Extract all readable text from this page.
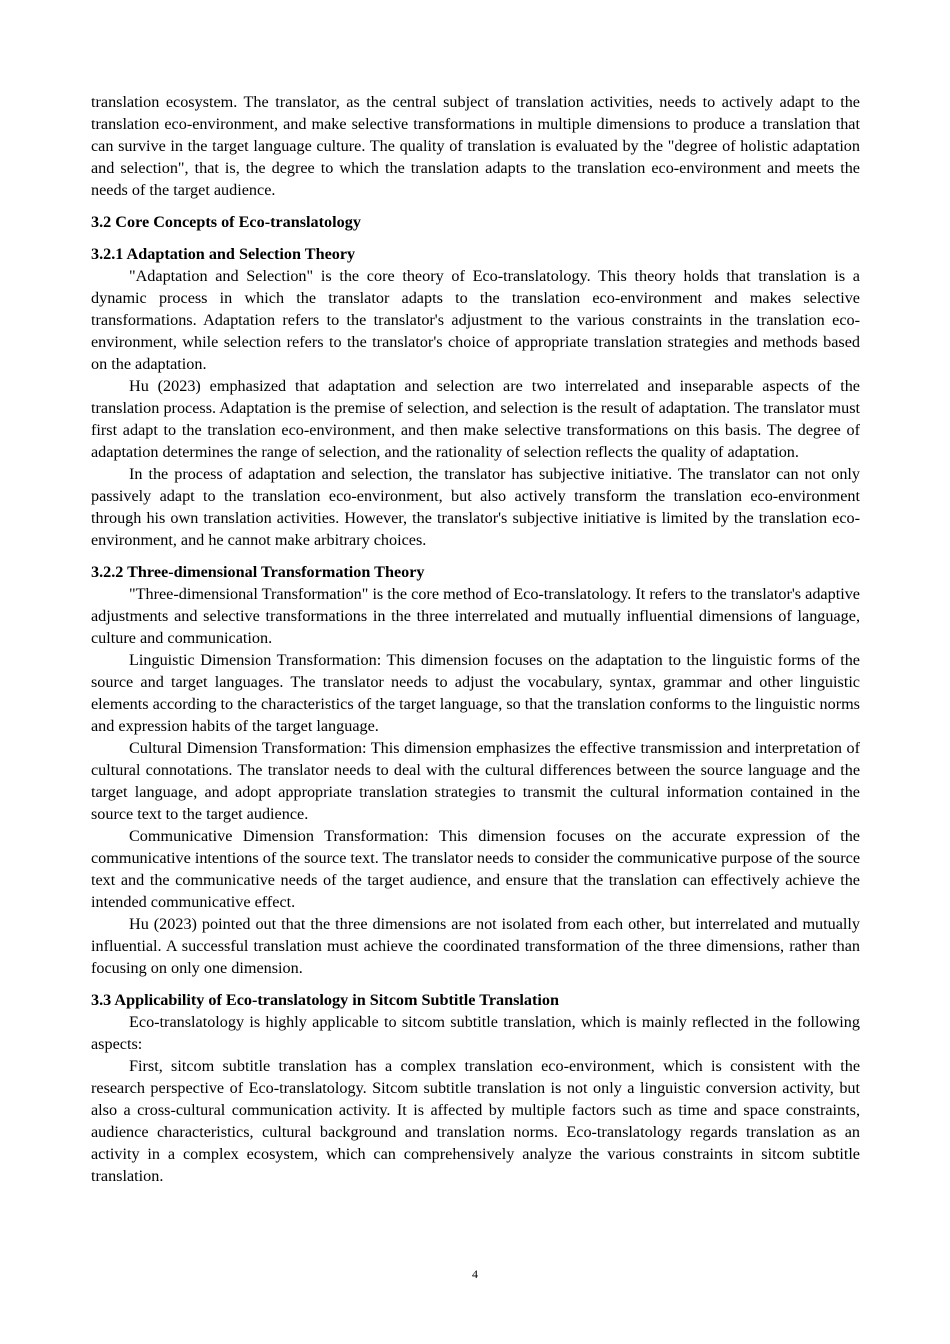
translation ecosystem. The translator, as the central subject of translation activities, needs to actively adapt to the translation eco-environment, and make selective transformations in multiple dimensions to produce a translation that can survive in the target language culture. The quality of translation is evaluated by the "degree of holistic adaptation and selection", that is, the degree to which the translation adapts to the translation eco-environment and meets the needs of the target audience.

3.2 Core Concepts of Eco-translatology
3.2.1 Adaptation and Selection Theory

"Adaptation and Selection" is the core theory of Eco-translatology. This theory holds that translation is a dynamic process in which the translator adapts to the translation eco-environment and makes selective transformations. Adaptation refers to the translator's adjustment to the various constraints in the translation eco-environment, while selection refers to the translator's choice of appropriate translation strategies and methods based on the adaptation.

Hu (2023) emphasized that adaptation and selection are two interrelated and inseparable aspects of the translation process. Adaptation is the premise of selection, and selection is the result of adaptation. The translator must first adapt to the translation eco-environment, and then make selective transformations on this basis. The degree of adaptation determines the range of selection, and the rationality of selection reflects the quality of adaptation.

In the process of adaptation and selection, the translator has subjective initiative. The translator can not only passively adapt to the translation eco-environment, but also actively transform the translation eco-environment through his own translation activities. However, the translator's subjective initiative is limited by the translation eco-environment, and he cannot make arbitrary choices.

3.2.2 Three-dimensional Transformation Theory

"Three-dimensional Transformation" is the core method of Eco-translatology. It refers to the translator's adaptive adjustments and selective transformations in the three interrelated and mutually influential dimensions of language, culture and communication.

Linguistic Dimension Transformation: This dimension focuses on the adaptation to the linguistic forms of the source and target languages. The translator needs to adjust the vocabulary, syntax, grammar and other linguistic elements according to the characteristics of the target language, so that the translation conforms to the linguistic norms and expression habits of the target language.

Cultural Dimension Transformation: This dimension emphasizes the effective transmission and interpretation of cultural connotations. The translator needs to deal with the cultural differences between the source language and the target language, and adopt appropriate translation strategies to transmit the cultural information contained in the source text to the target audience.

Communicative Dimension Transformation: This dimension focuses on the accurate expression of the communicative intentions of the source text. The translator needs to consider the communicative purpose of the source text and the communicative needs of the target audience, and ensure that the translation can effectively achieve the intended communicative effect.

Hu (2023) pointed out that the three dimensions are not isolated from each other, but interrelated and mutually influential. A successful translation must achieve the coordinated transformation of the three dimensions, rather than focusing on only one dimension.

3.3 Applicability of Eco-translatology in Sitcom Subtitle Translation

Eco-translatology is highly applicable to sitcom subtitle translation, which is mainly reflected in the following aspects:

First, sitcom subtitle translation has a complex translation eco-environment, which is consistent with the research perspective of Eco-translatology. Sitcom subtitle translation is not only a linguistic conversion activity, but also a cross-cultural communication activity. It is affected by multiple factors such as time and space constraints, audience characteristics, cultural background and translation norms. Eco-translatology regards translation as an activity in a complex ecosystem, which can comprehensively analyze the various constraints in sitcom subtitle translation.

4
